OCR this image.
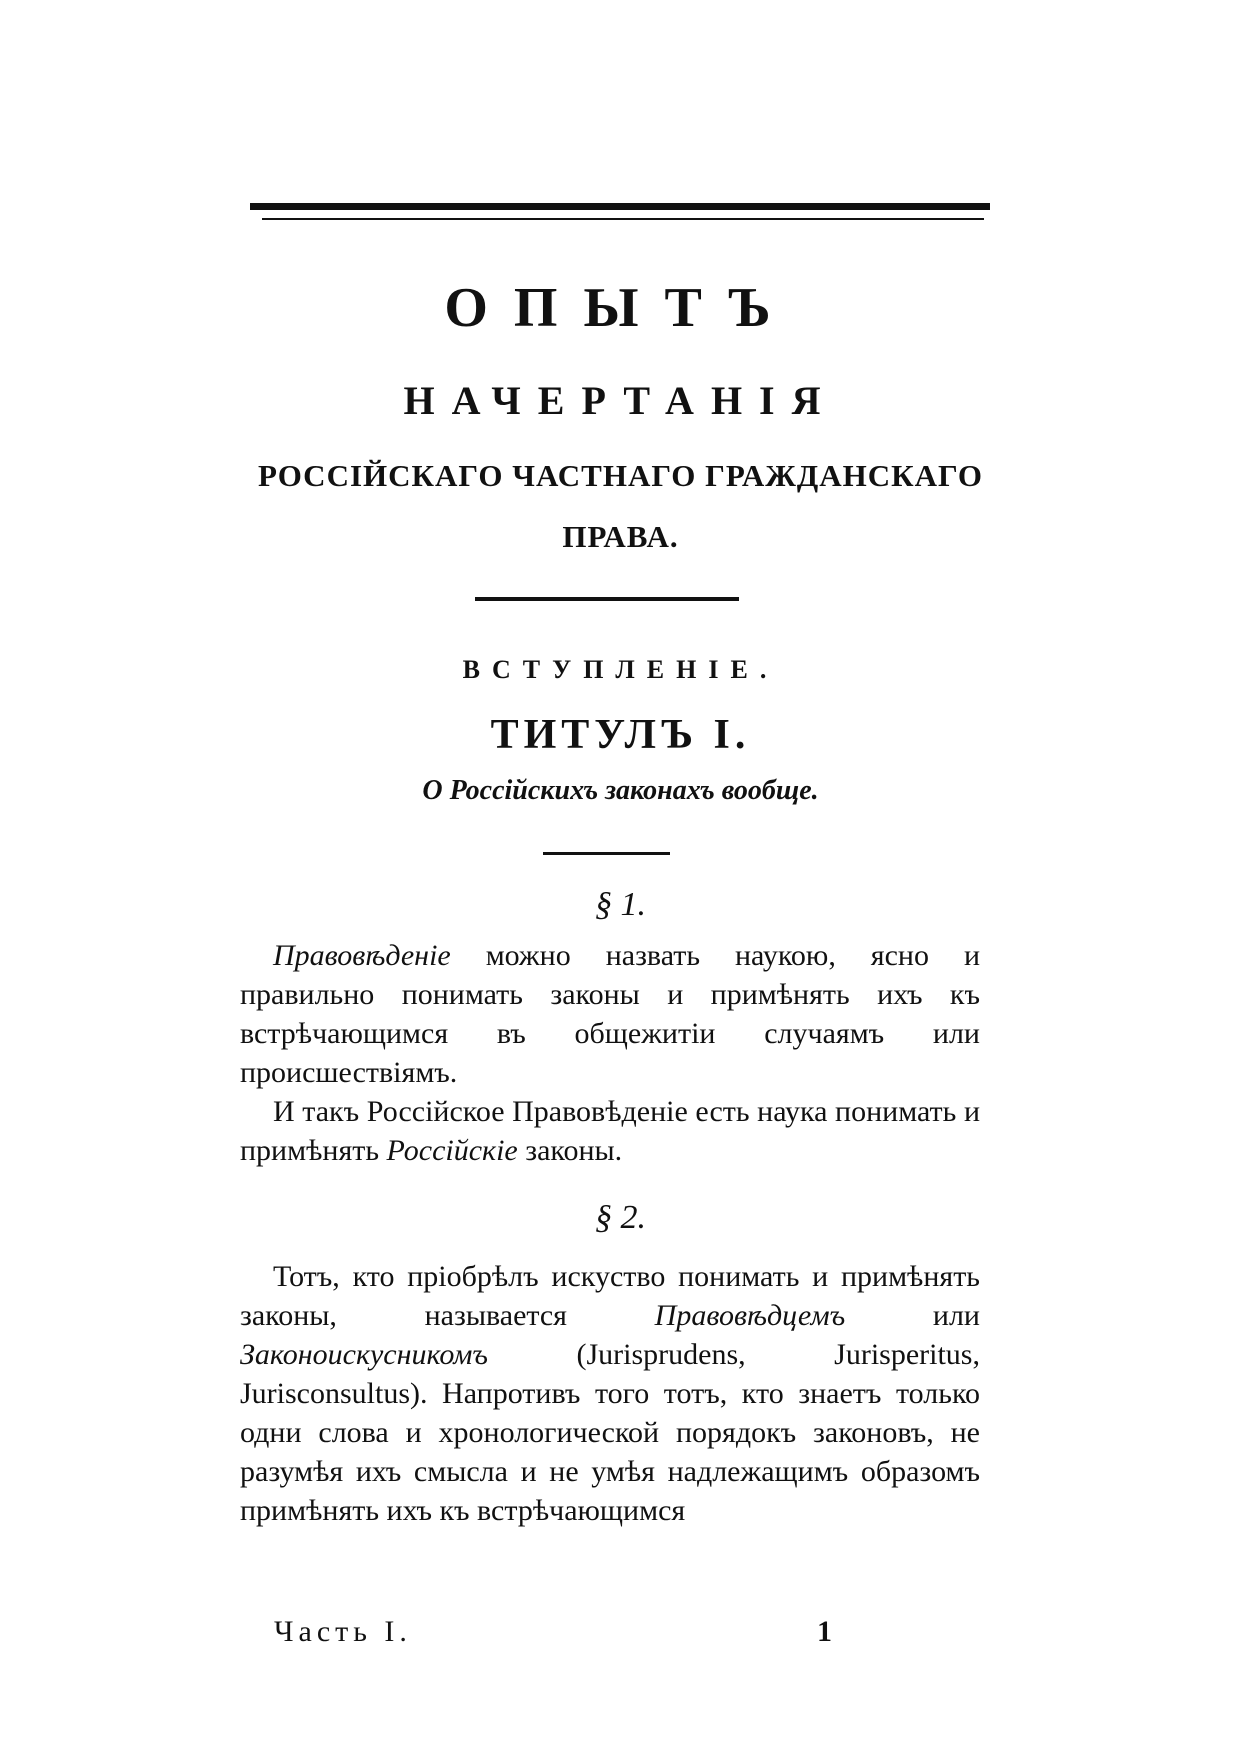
ОПЫТЪ
НАЧЕРТАНІЯ
РОССІЙСКАГО ЧАСТНАГО ГРАЖДАНСКАГО
ПРАВА.
ВСТУПЛЕНІЕ.
ТИТУЛЪ I.
О Россійскихъ законахъ вообще.
§ 1.

Правовѣденіе можно назвать наукою, ясно и правильно понимать законы и примѣнять ихъ къ встрѣчающимся въ общежитіи случаямъ или происшествіямъ.

И такъ Россійское Правовѣденіе есть наука понимать и примѣнять Россійскіе законы.

§ 2.

Тотъ, кто пріобрѣлъ искуство понимать и примѣнять законы, называется Правовѣдцемъ или Законоискусникомъ (Jurisprudens, Jurisperitus, Jurisconsultus). Напротивъ того тотъ, кто знаетъ только одни слова и хронологической порядокъ законовъ, не разумѣя ихъ смысла и не умѣя надлежащимъ образомъ примѣнять ихъ къ встрѣчающимся

Часть I.	1
